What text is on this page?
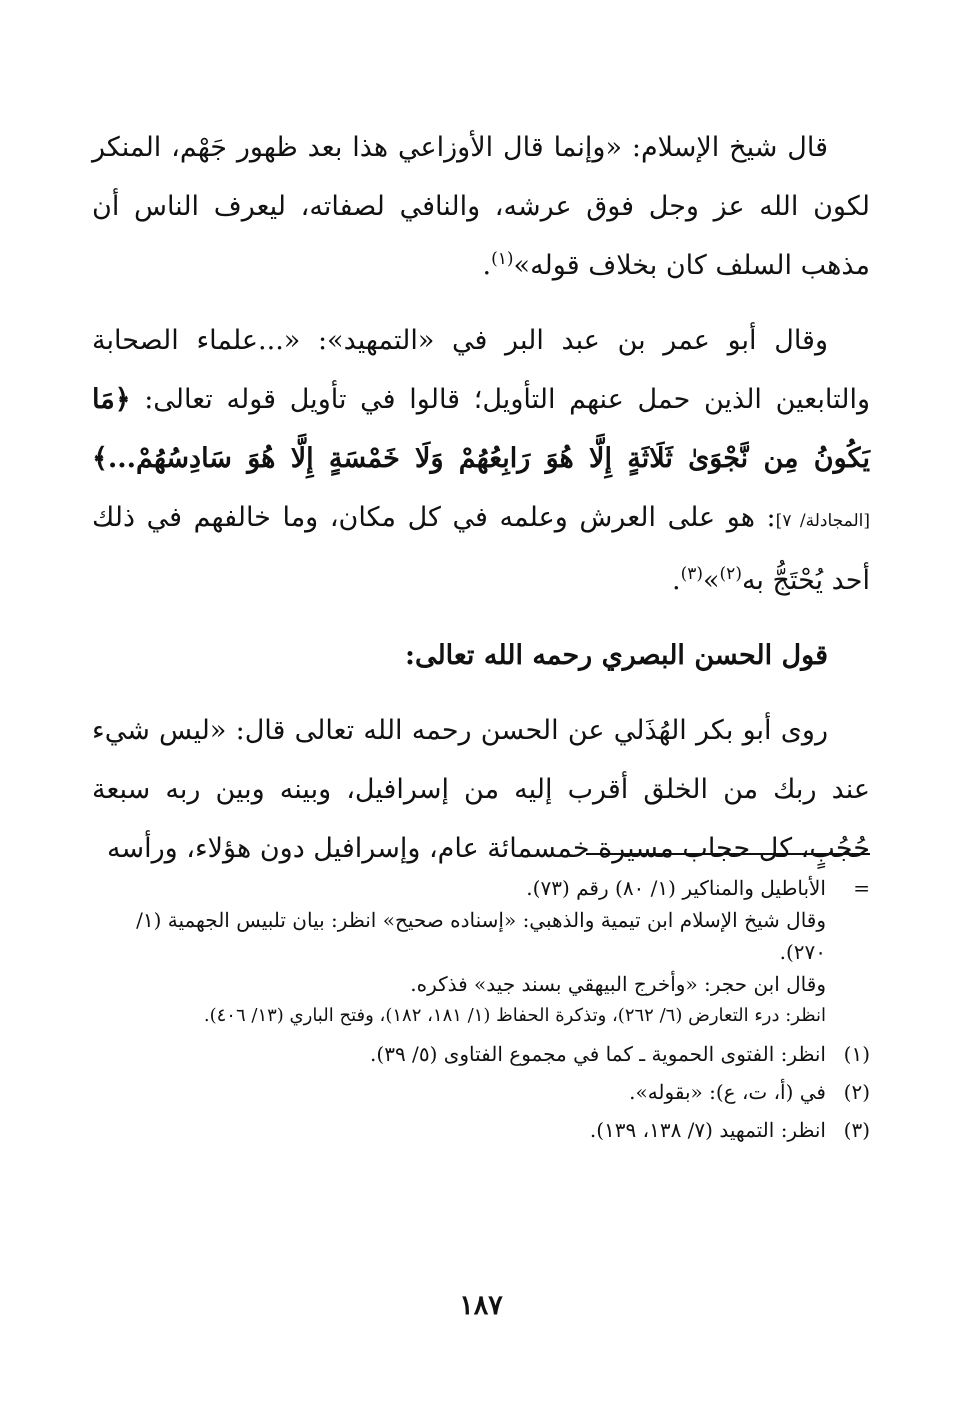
قال شيخ الإسلام: «وإنما قال الأوزاعي هذا بعد ظهور جَهْم، المنكر لكون الله عز وجل فوق عرشه، والنافي لصفاته، ليعرف الناس أن مذهب السلف كان بخلاف قوله»$^{(١)}$.

وقال أبو عمر بن عبد البر في «التمهيد»: «...علماء الصحابة والتابعين الذين حمل عنهم التأويل؛ قالوا في تأويل قوله تعالى: ﴿مَا يَكُونُ مِن نَّجْوَىٰ ثَلَاثَةٍ إِلَّا هُوَ رَابِعُهُمْ وَلَا خَمْسَةٍ إِلَّا هُوَ سَادِسُهُمْ...﴾ [المجادلة/ ٧]: هو على العرش وعلمه في كل مكان، وما خالفهم في ذلك أحد يُحْتَجُّ به$^{(٢)}$»$^{(٣)}$.

قول الحسن البصري رحمه الله تعالى:

روى أبو بكر الهُذَلي عن الحسن رحمه الله تعالى قال: «ليس شيء عند ربك من الخلق أقرب إليه من إسرافيل، وبينه وبين ربه سبعة حُجُبٍ، كل حجاب مسيرة خمسمائة عام، وإسرافيل دون هؤلاء، ورأسه

=

الأباطيل والمناكير (١/ ٨٠) رقم (٧٣).

وقال شيخ الإسلام ابن تيمية والذهبي: «إسناده صحيح» انظر: بيان تلبيس الجهمية (١/ ٢٧٠).

وقال ابن حجر: «وأخرج البيهقي بسند جيد» فذكره.

انظر: درء التعارض (٦/ ٢٦٢)، وتذكرة الحفاظ (١/ ١٨١، ١٨٢)، وفتح الباري (١٣/ ٤٠٦).

(١)
انظر: الفتوى الحموية ـ كما في مجموع الفتاوى (٥/ ٣٩).
(٢)
في (أ، ت، ع): «بقوله».
(٣)
انظر: التمهيد (٧/ ١٣٨، ١٣٩).
١٨٧
